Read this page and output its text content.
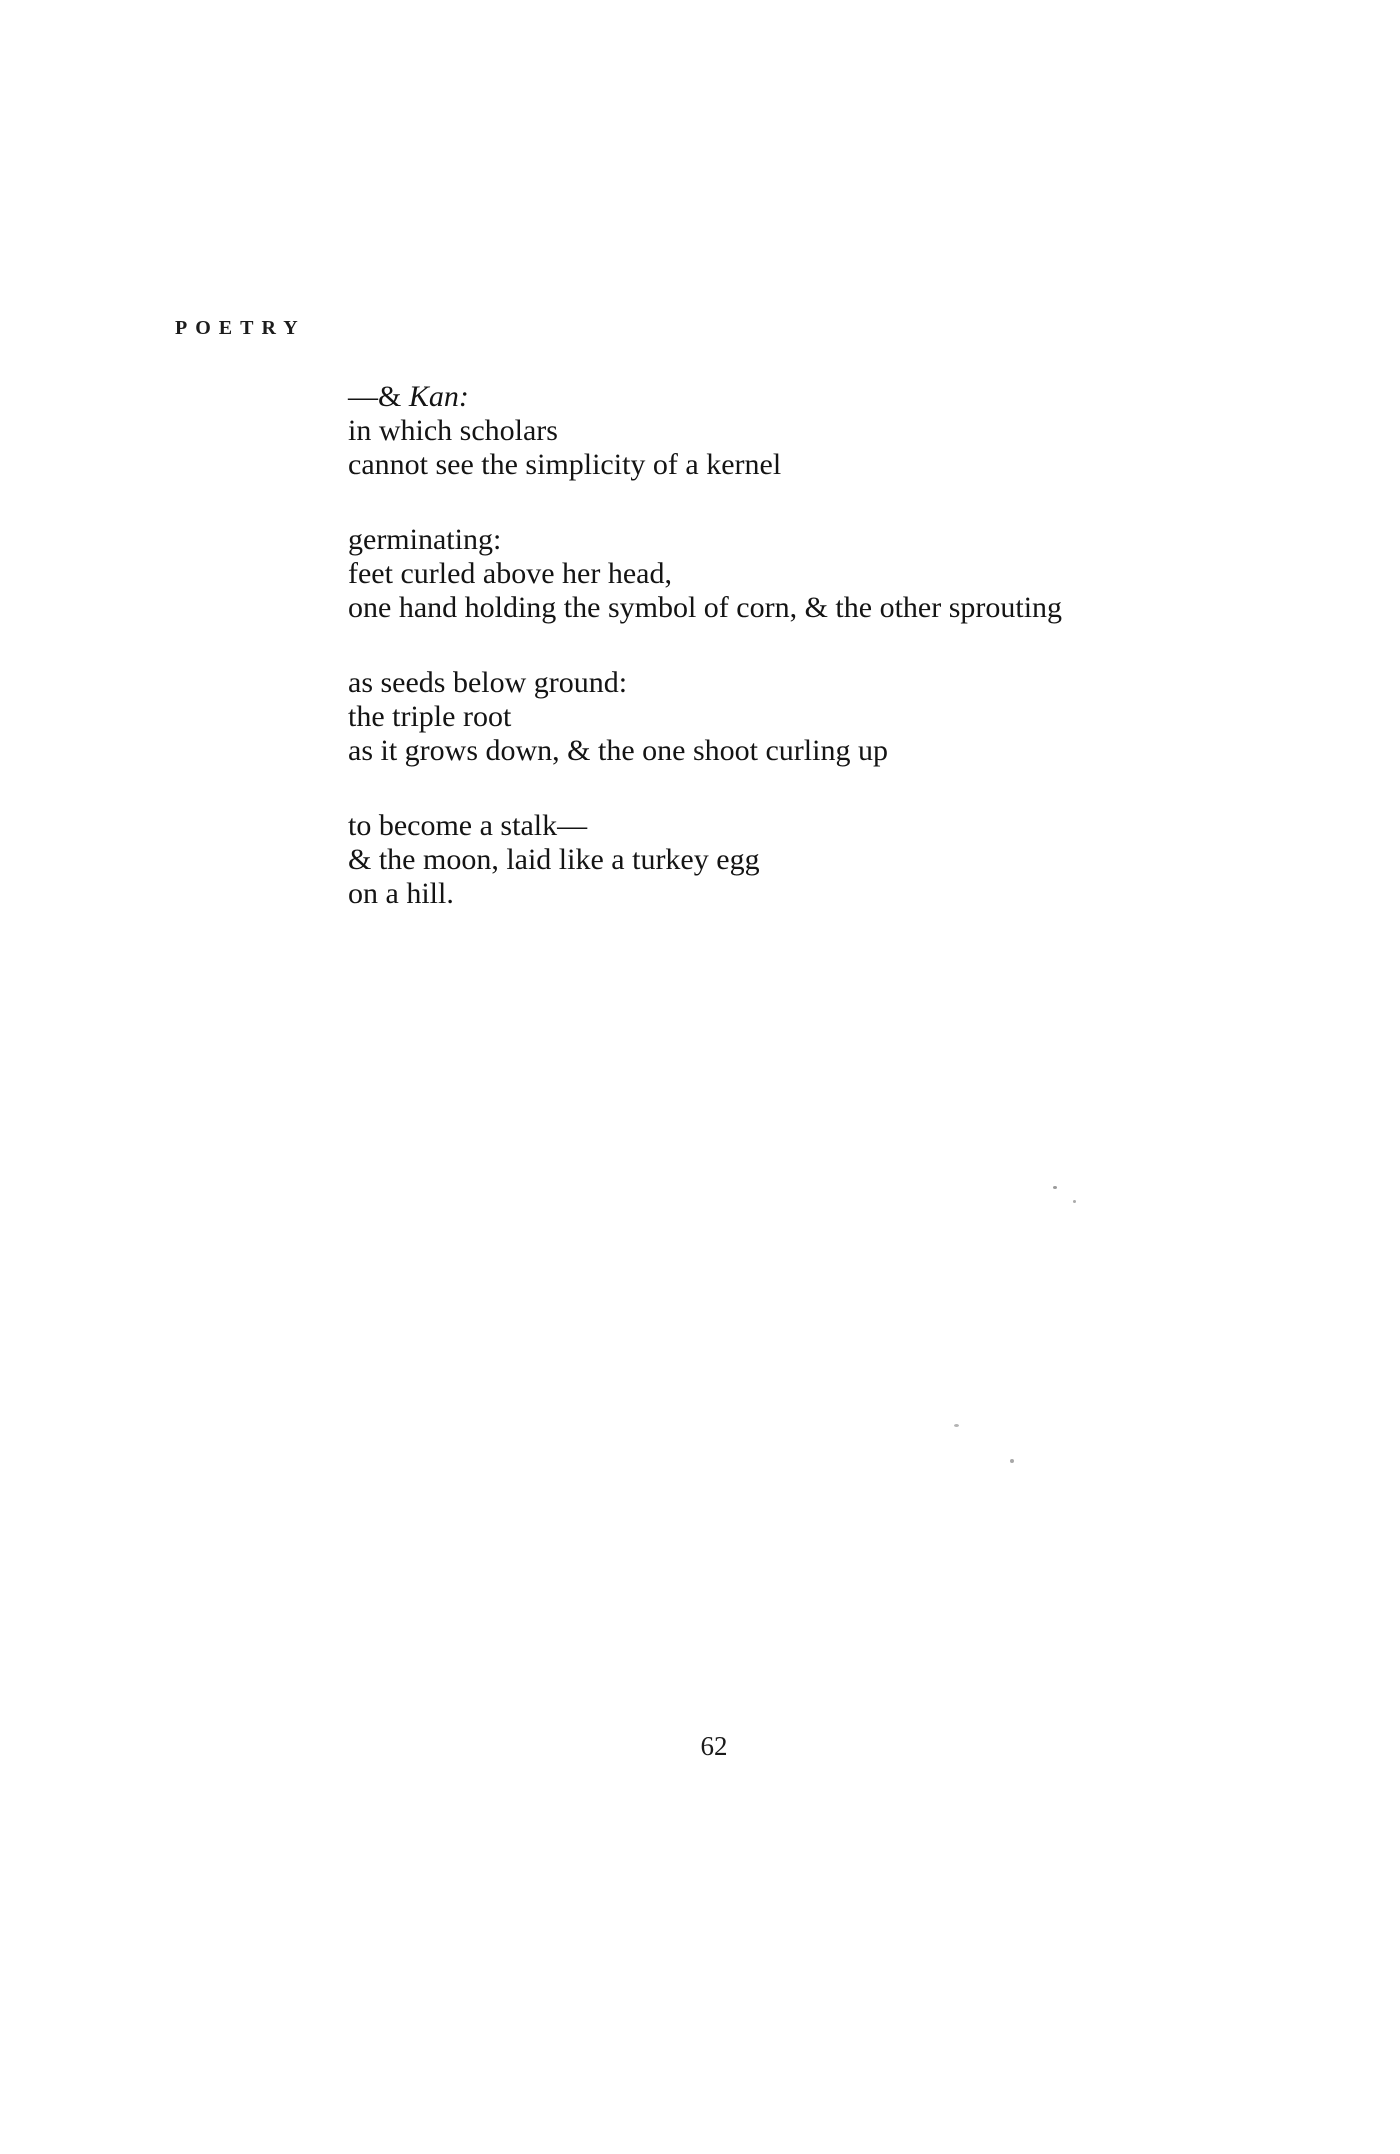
POETRY
—& Kan:
in which scholars
cannot see the simplicity of a kernel
germinating:
feet curled above her head,
one hand holding the symbol of corn, & the other sprouting
as seeds below ground:
the triple root
as it grows down, & the one shoot curling up
to become a stalk—
& the moon, laid like a turkey egg
on a hill.
62
